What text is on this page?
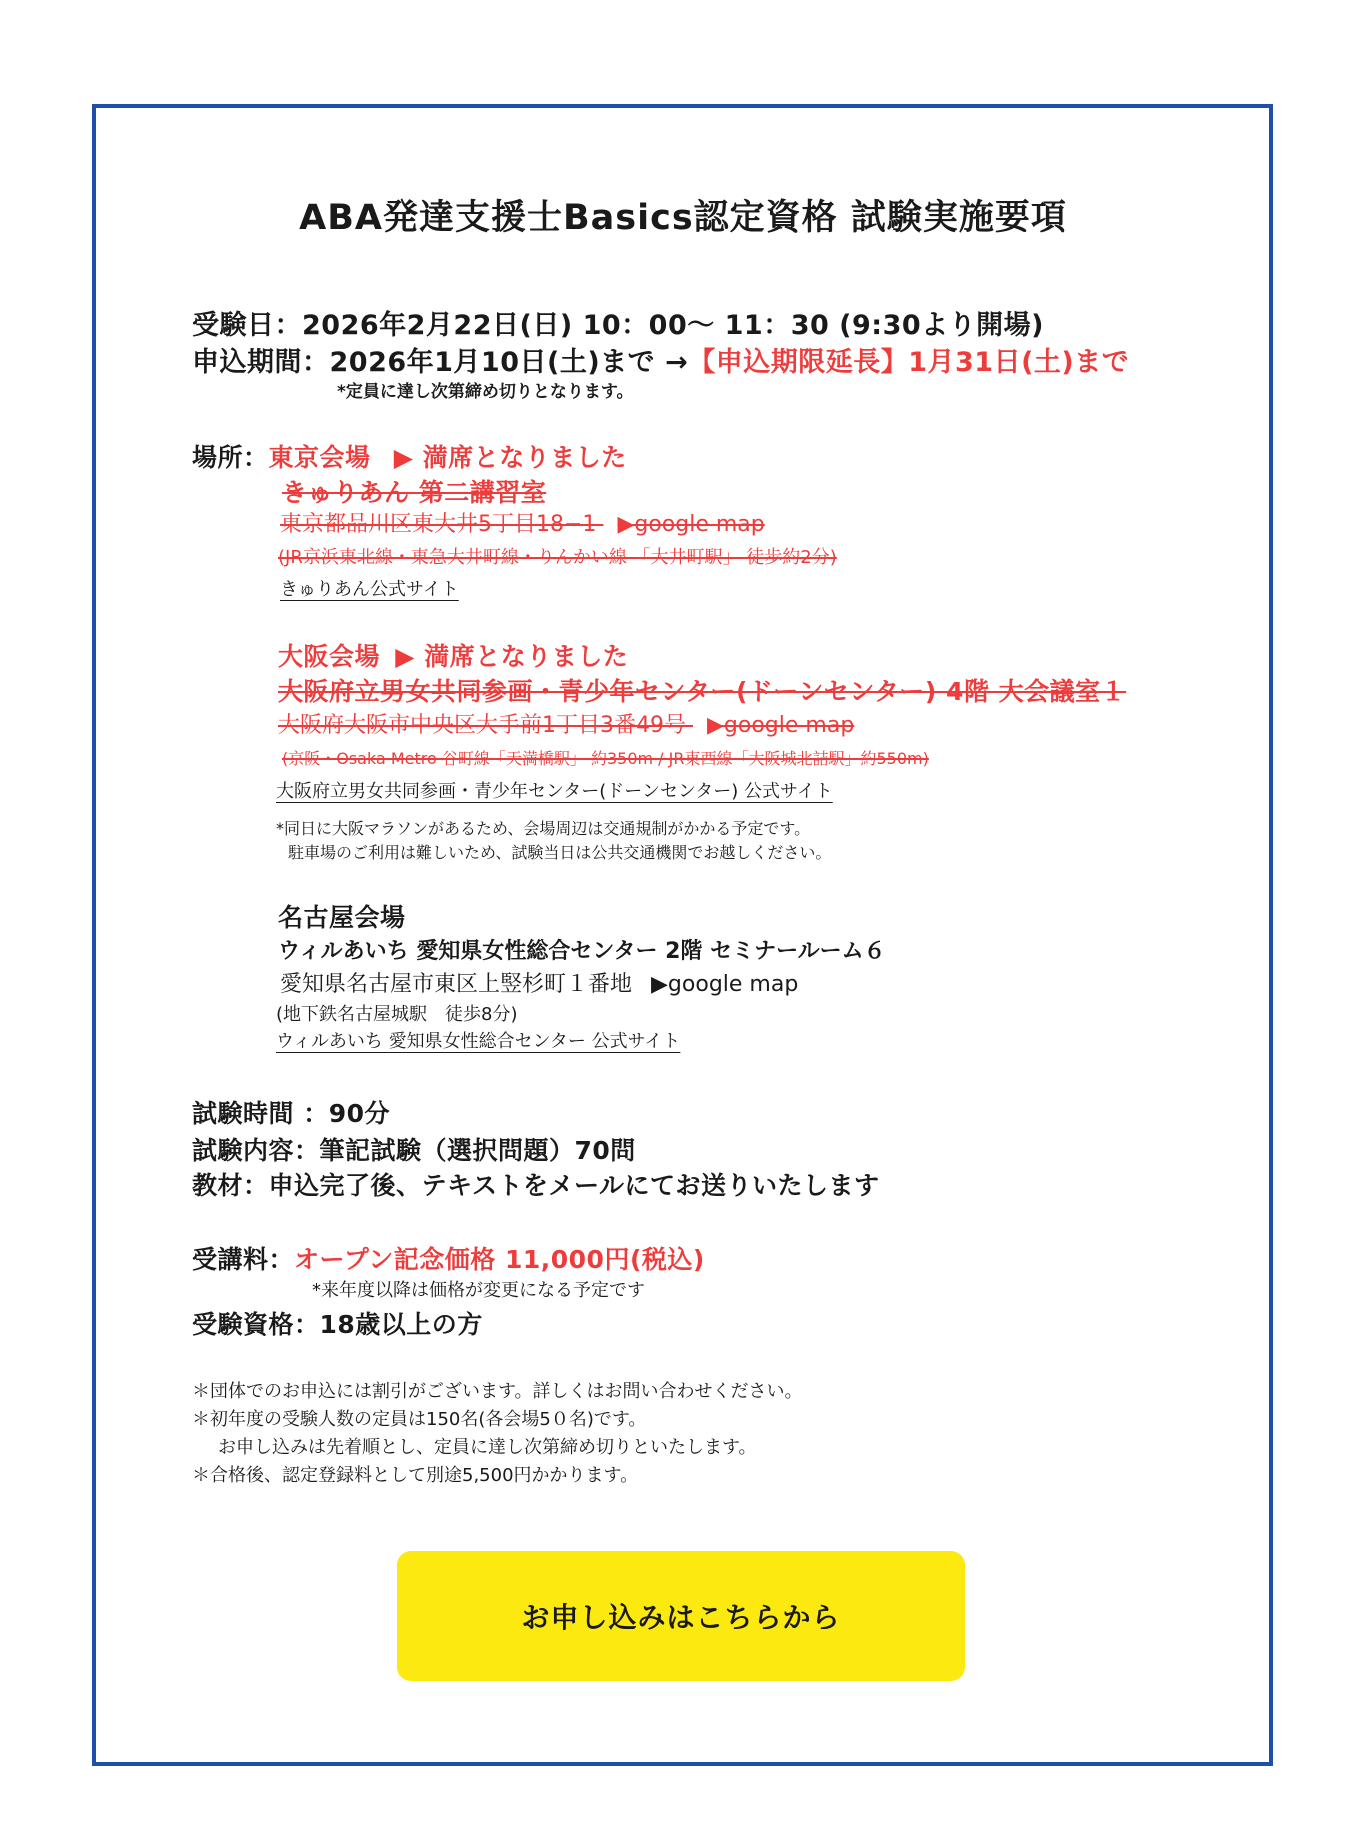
ABA発達支援士Basics認定資格 試験実施要項
受験日：2026年2月22日(日) 10：00〜 11：30 (9:30より開場)
申込期間：2026年1月10日(土)まで →【申込期限延長】1月31日(土)まで
*定員に達し次第締め切りとなります。
場所：東京会場 ▶ 満席となりました
きゅりあん 第二講習室
東京都品川区東大井5丁目18−1 ▶google map
(JR京浜東北線・東急大井町線・りんかい線 「大井町駅」 徒歩約2分)
きゅりあん公式サイト
大阪会場 ▶ 満席となりました
大阪府立男女共同参画・青少年センター(ドーンセンター) 4階 大会議室１
大阪府大阪市中央区大手前1丁目3番49号 ▶google map
(京阪・Osaka Metro 谷町線「天満橋駅」 約350m / JR東西線「大阪城北詰駅」約550m)
大阪府立男女共同参画・青少年センター(ドーンセンター) 公式サイト
*同日に大阪マラソンがあるため、会場周辺は交通規制がかかる予定です。
駐車場のご利用は難しいため、試験当日は公共交通機関でお越しください。
名古屋会場
ウィルあいち 愛知県女性総合センター 2階 セミナールーム６
愛知県名古屋市東区上竪杉町１番地 ▶google map
(地下鉄名古屋城駅　徒歩8分)
ウィルあいち 愛知県女性総合センター 公式サイト
試験時間 ：90分
試験内容：筆記試験（選択問題）70問
教材：申込完了後、テキストをメールにてお送りいたします
受講料：オープン記念価格 11,000円(税込)
*来年度以降は価格が変更になる予定です
受験資格：18歳以上の方
＊団体でのお申込には割引がございます。詳しくはお問い合わせください。
＊初年度の受験人数の定員は150名(各会場5０名)です。
お申し込みは先着順とし、定員に達し次第締め切りといたします。
＊合格後、認定登録料として別途5,500円かかります。
お申し込みはこちらから
